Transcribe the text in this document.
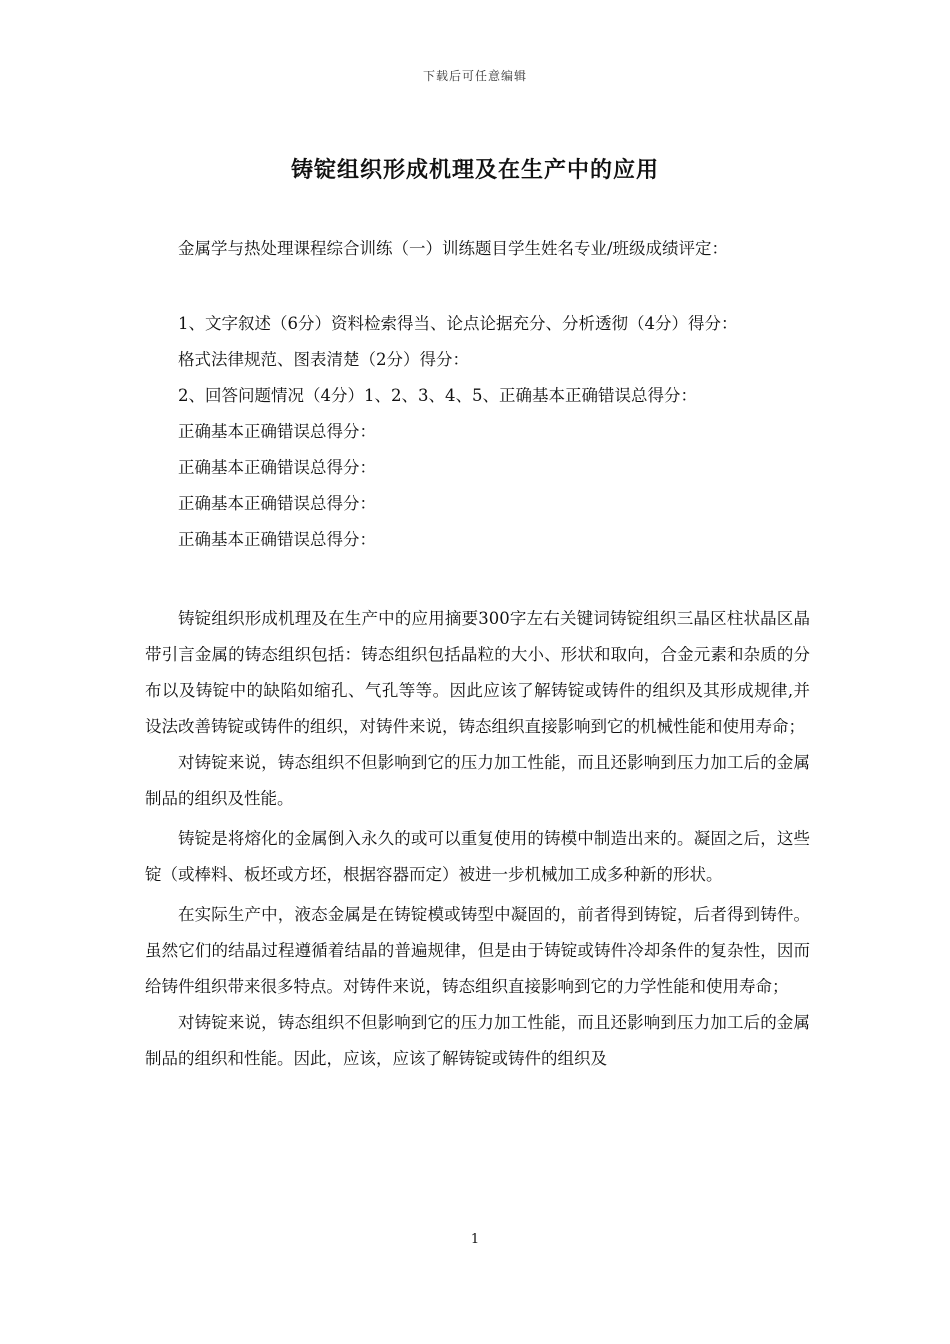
下载后可任意编辑
铸锭组织形成机理及在生产中的应用

金属学与热处理课程综合训练（一）训练题目学生姓名专业/班级成绩评定：

1、文字叙述（6分）资料检索得当、论点论据充分、分析透彻（4分）得分：

格式法律规范、图表清楚（2分）得分：

2、回答问题情况（4分）1、2、3、4、5、正确基本正确错误总得分：

正确基本正确错误总得分：

正确基本正确错误总得分：

正确基本正确错误总得分：

正确基本正确错误总得分：

铸锭组织形成机理及在生产中的应用摘要300字左右关键词铸锭组织三晶区柱状晶区晶带引言金属的铸态组织包括：铸态组织包括晶粒的大小、形状和取向，合金元素和杂质的分布以及铸锭中的缺陷如缩孔、气孔等等。因此应该了解铸锭或铸件的组织及其形成规律,并设法改善铸锭或铸件的组织，对铸件来说，铸态组织直接影响到它的机械性能和使用寿命；

对铸锭来说，铸态组织不但影响到它的压力加工性能，而且还影响到压力加工后的金属制品的组织及性能。

铸锭是将熔化的金属倒入永久的或可以重复使用的铸模中制造出来的。凝固之后，这些锭（或棒料、板坯或方坯，根据容器而定）被进一步机械加工成多种新的形状。

在实际生产中，液态金属是在铸锭模或铸型中凝固的，前者得到铸锭，后者得到铸件。虽然它们的结晶过程遵循着结晶的普遍规律，但是由于铸锭或铸件冷却条件的复杂性，因而给铸件组织带来很多特点。对铸件来说，铸态组织直接影响到它的力学性能和使用寿命；

对铸锭来说，铸态组织不但影响到它的压力加工性能，而且还影响到压力加工后的金属制品的组织和性能。因此，应该，应该了解铸锭或铸件的组织及

1
